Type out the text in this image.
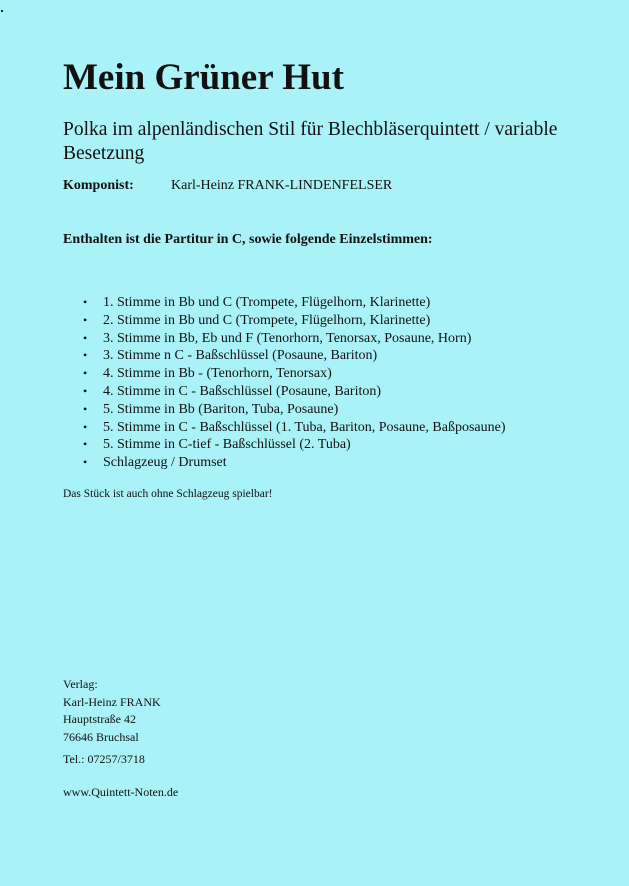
Mein Grüner Hut

Polka im alpenländischen Stil für Blechbläserquintett / variable Besetzung

Komponist:	Karl-Heinz FRANK-LINDENFELSER
Enthalten ist die Partitur in C, sowie folgende Einzelstimmen:
• 1. Stimme in Bb und C (Trompete, Flügelhorn, Klarinette)
• 2. Stimme in Bb und C (Trompete, Flügelhorn, Klarinette)
• 3. Stimme in Bb, Eb und F (Tenorhorn, Tenorsax, Posaune, Horn)
• 3. Stimme n C - Baßschlüssel (Posaune, Bariton)
• 4. Stimme in Bb - (Tenorhorn, Tenorsax)
• 4. Stimme in C - Baßschlüssel (Posaune, Bariton)
• 5. Stimme in Bb (Bariton, Tuba, Posaune)
• 5. Stimme in C - Baßschlüssel (1. Tuba, Bariton, Posaune, Baßposaune)
• 5. Stimme in C-tief - Baßschlüssel (2. Tuba)
• Schlagzeug / Drumset
Das Stück ist auch ohne Schlagzeug spielbar!
Verlag:
Karl-Heinz FRANK
Hauptstraße 42
76646 Bruchsal
Tel.: 07257/3718
www.Quintett-Noten.de
